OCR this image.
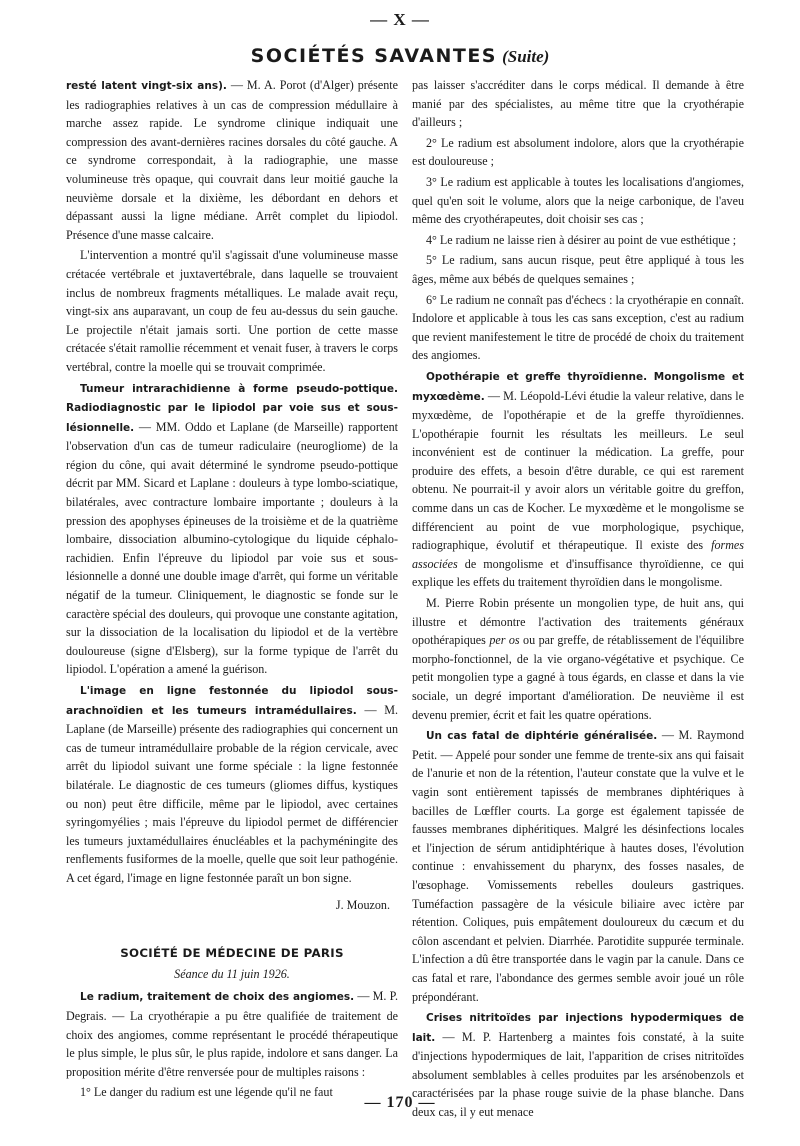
— X —
SOCIÉTÉS SAVANTES (Suite)

resté latent vingt-six ans). — M. A. Porot (d'Alger) présente les radiographies relatives à un cas de compression médullaire à marche assez rapide. Le syndrome clinique indiquait une compression des avant-dernières racines dorsales du côté gauche. A ce syndrome correspondait, à la radiographie, une masse volumineuse très opaque, qui couvrait dans leur moitié gauche la neuvième dorsale et la dixième, les débordant en dehors et dépassant aussi la ligne médiane. Arrêt complet du lipiodol. Présence d'une masse calcaire.

L'intervention a montré qu'il s'agissait d'une volumineuse masse crétacée vertébrale et juxtavertébrale, dans laquelle se trouvaient inclus de nombreux fragments métalliques. Le malade avait reçu, vingt-six ans auparavant, un coup de feu au-dessus du sein gauche. Le projectile n'était jamais sorti. Une portion de cette masse crétacée s'était ramollie récemment et venait fuser, à travers le corps vertébral, contre la moelle qui se trouvait comprimée.

Tumeur intrarachidienne à forme pseudo-pottique. Radiodiagnostic par le lipiodol par voie sus et sous-lésionnelle. — MM. Oddo et Laplane (de Marseille) rapportent l'observation d'un cas de tumeur radiculaire (neurogliome) de la région du cône, qui avait déterminé le syndrome pseudo-pottique décrit par MM. Sicard et Laplane : douleurs à type lombo-sciatique, bilatérales, avec contracture lombaire importante ; douleurs à la pression des apophyses épineuses de la troisième et de la quatrième lombaire, dissociation albumino-cytologique du liquide céphalo-rachidien. Enfin l'épreuve du lipiodol par voie sus et sous-lésionnelle a donné une double image d'arrêt, qui forme un véritable négatif de la tumeur. Cliniquement, le diagnostic se fonde sur le caractère spécial des douleurs, qui provoque une constante agitation, sur la dissociation de la localisation du lipiodol et de la vertèbre douloureuse (signe d'Elsberg), sur la forme typique de l'arrêt du lipiodol. L'opération a amené la guérison.

L'image en ligne festonnée du lipiodol sous-arachnoïdien et les tumeurs intramédullaires. — M. Laplane (de Marseille) présente des radiographies qui concernent un cas de tumeur intramédullaire probable de la région cervicale, avec arrêt du lipiodol suivant une forme spéciale : la ligne festonnée bilatérale. Le diagnostic de ces tumeurs (gliomes diffus, kystiques ou non) peut être difficile, même par le lipiodol, avec certaines syringomyélies ; mais l'épreuve du lipiodol permet de différencier les tumeurs juxtamédullaires énucléables et la pachyméningite des renflements fusiformes de la moelle, quelle que soit leur pathogénie. A cet égard, l'image en ligne festonnée paraît un bon signe.

J. Mouzon.

SOCIÉTÉ DE MÉDECINE DE PARIS

Séance du 11 juin 1926.

Le radium, traitement de choix des angiomes. — M. P. Degrais. — La cryothérapie a pu être qualifiée de traitement de choix des angiomes, comme représentant le procédé thérapeutique le plus simple, le plus sûr, le plus rapide, indolore et sans danger. La proposition mérite d'être renversée pour de multiples raisons :

1° Le danger du radium est une légende qu'il ne faut

pas laisser s'accréditer dans le corps médical. Il demande à être manié par des spécialistes, au même titre que la cryothérapie d'ailleurs ;

2° Le radium est absolument indolore, alors que la cryothérapie est douloureuse ;

3° Le radium est applicable à toutes les localisations d'angiomes, quel qu'en soit le volume, alors que la neige carbonique, de l'aveu même des cryothérapeutes, doit choisir ses cas ;

4° Le radium ne laisse rien à désirer au point de vue esthétique ;

5° Le radium, sans aucun risque, peut être appliqué à tous les âges, même aux bébés de quelques semaines ;

6° Le radium ne connaît pas d'échecs : la cryothérapie en connaît. Indolore et applicable à tous les cas sans exception, c'est au radium que revient manifestement le titre de procédé de choix du traitement des angiomes.

Opothérapie et greffe thyroïdienne. Mongolisme et myxœdème. — M. Léopold-Lévi étudie la valeur relative, dans le myxœdème, de l'opothérapie et de la greffe thyroïdiennes. L'opothérapie fournit les résultats les meilleurs. Le seul inconvénient est de continuer la médication. La greffe, pour produire des effets, a besoin d'être durable, ce qui est rarement obtenu. Ne pourrait-il y avoir alors un véritable goitre du greffon, comme dans un cas de Kocher. Le myxœdème et le mongolisme se différencient au point de vue morphologique, psychique, radiographique, évolutif et thérapeutique. Il existe des formes associées de mongolisme et d'insuffisance thyroïdienne, ce qui explique les effets du traitement thyroïdien dans le mongolisme.

M. Pierre Robin présente un mongolien type, de huit ans, qui illustre et démontre l'activation des traitements généraux opothérapiques per os ou par greffe, de rétablissement de l'équilibre morpho-fonctionnel, de la vie organo-végétative et psychique. Ce petit mongolien type a gagné à tous égards, en classe et dans la vie sociale, un degré important d'amélioration. De neuvième il est devenu premier, écrit et fait les quatre opérations.

Un cas fatal de diphtérie généralisée. — M. Raymond Petit. — Appelé pour sonder une femme de trente-six ans qui faisait de l'anurie et non de la rétention, l'auteur constate que la vulve et le vagin sont entièrement tapissés de membranes diphtériques à bacilles de Lœffler courts. La gorge est également tapissée de fausses membranes diphéritiques. Malgré les désinfections locales et l'injection de sérum antidiphtérique à hautes doses, l'évolution continue : envahissement du pharynx, des fosses nasales, de l'œsophage. Vomissements rebelles douleurs gastriques. Tuméfaction passagère de la vésicule biliaire avec ictère par rétention. Coliques, puis empâtement douloureux du cæcum et du côlon ascendant et pelvien. Diarrhée. Parotidite suppurée terminale. L'infection a dû être transportée dans le vagin par la canule. Dans ce cas fatal et rare, l'abondance des germes semble avoir joué un rôle prépondérant.

Crises nitritoïdes par injections hypodermiques de lait. — M. P. Hartenberg a maintes fois constaté, à la suite d'injections hypodermiques de lait, l'apparition de crises nitritoïdes absolument semblables à celles produites par les arsénobenzols et caractérisées par la phase rouge suivie de la phase blanche. Dans deux cas, il y eut menace

— 170 —
